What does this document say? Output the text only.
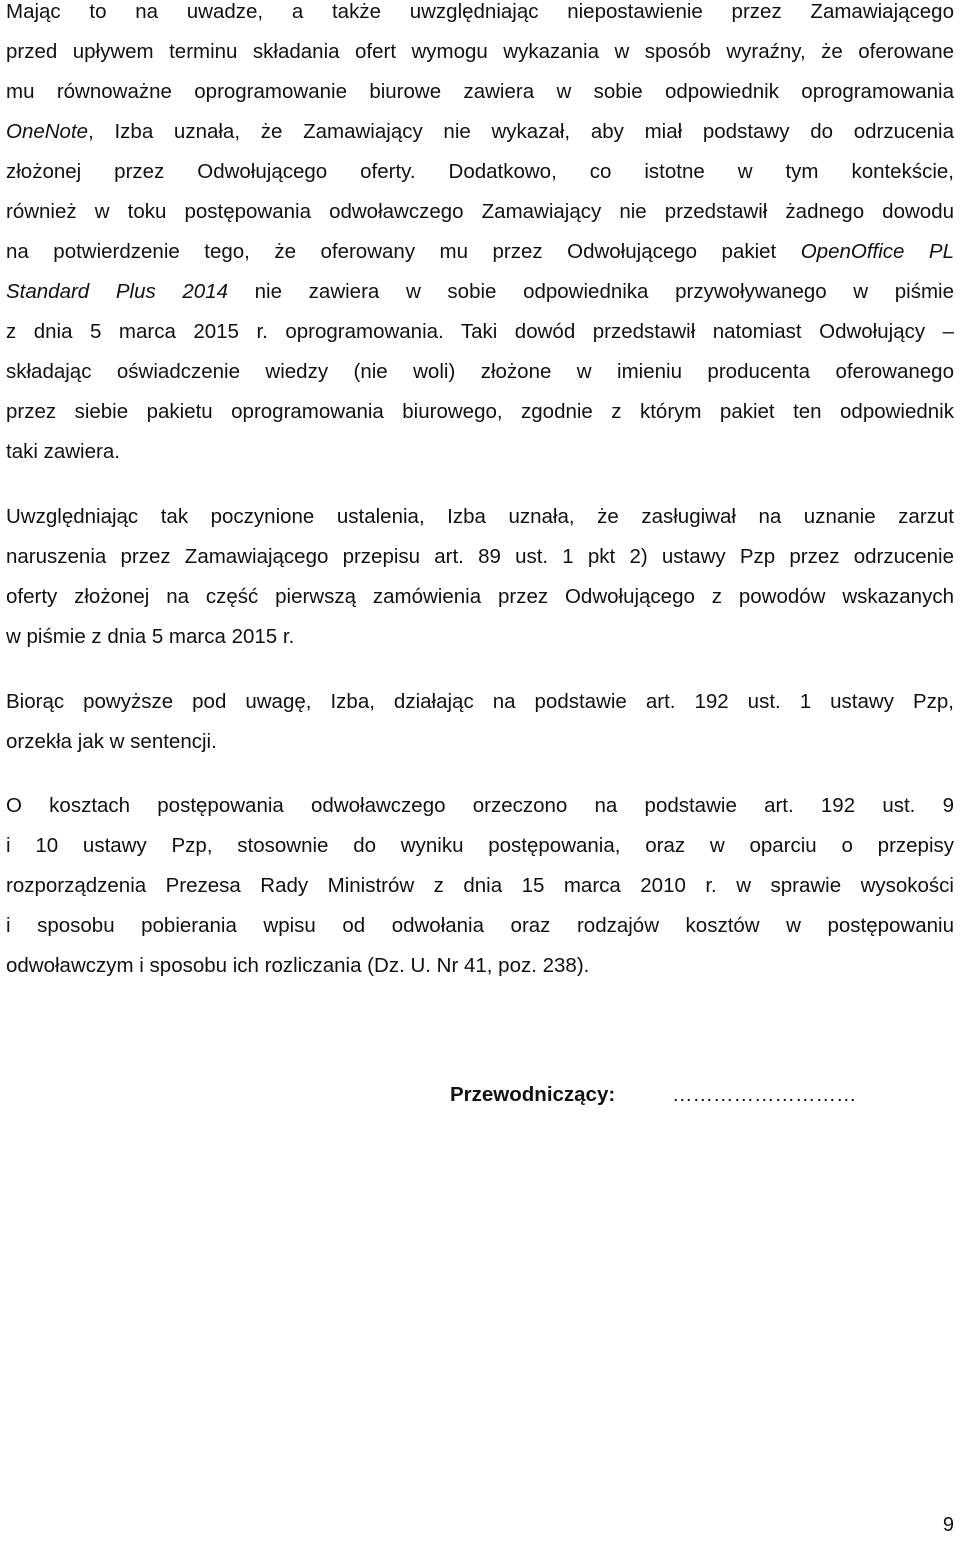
Mając to na uwadze, a także uwzględniając niepostawienie przez Zamawiającego
przed upływem terminu składania ofert wymogu wykazania w sposób wyraźny, że oferowane
mu równoważne oprogramowanie biurowe zawiera w sobie odpowiednik oprogramowania
OneNote, Izba uznała, że Zamawiający nie wykazał, aby miał podstawy do odrzucenia
złożonej przez Odwołującego oferty. Dodatkowo, co istotne w tym kontekście,
również w toku postępowania odwoławczego Zamawiający nie przedstawił żadnego dowodu
na potwierdzenie tego, że oferowany mu przez Odwołującego pakiet OpenOffice PL
Standard Plus 2014 nie zawiera w sobie odpowiednika przywoływanego w piśmie
z dnia 5 marca 2015 r. oprogramowania. Taki dowód przedstawił natomiast Odwołujący –
składając oświadczenie wiedzy (nie woli) złożone w imieniu producenta oferowanego
przez siebie pakietu oprogramowania biurowego, zgodnie z którym pakiet ten odpowiednik
taki zawiera.
Uwzględniając tak poczynione ustalenia, Izba uznała, że zasługiwał na uznanie zarzut
naruszenia przez Zamawiającego przepisu art. 89 ust. 1 pkt 2) ustawy Pzp przez odrzucenie
oferty złożonej na część pierwszą zamówienia przez Odwołującego z powodów wskazanych
w piśmie z dnia 5 marca 2015 r.
Biorąc powyższe pod uwagę, Izba, działając na podstawie art. 192 ust. 1 ustawy Pzp,
orzekła jak w sentencji.
O kosztach postępowania odwoławczego orzeczono na podstawie art. 192 ust. 9
i 10 ustawy Pzp, stosownie do wyniku postępowania, oraz w oparciu o przepisy
rozporządzenia Prezesa Rady Ministrów z dnia 15 marca 2010 r. w sprawie wysokości
i sposobu pobierania wpisu od odwołania oraz rodzajów kosztów w postępowaniu
odwoławczym i sposobu ich rozliczania (Dz. U. Nr 41, poz. 238).
Przewodniczący:	………………………
9
